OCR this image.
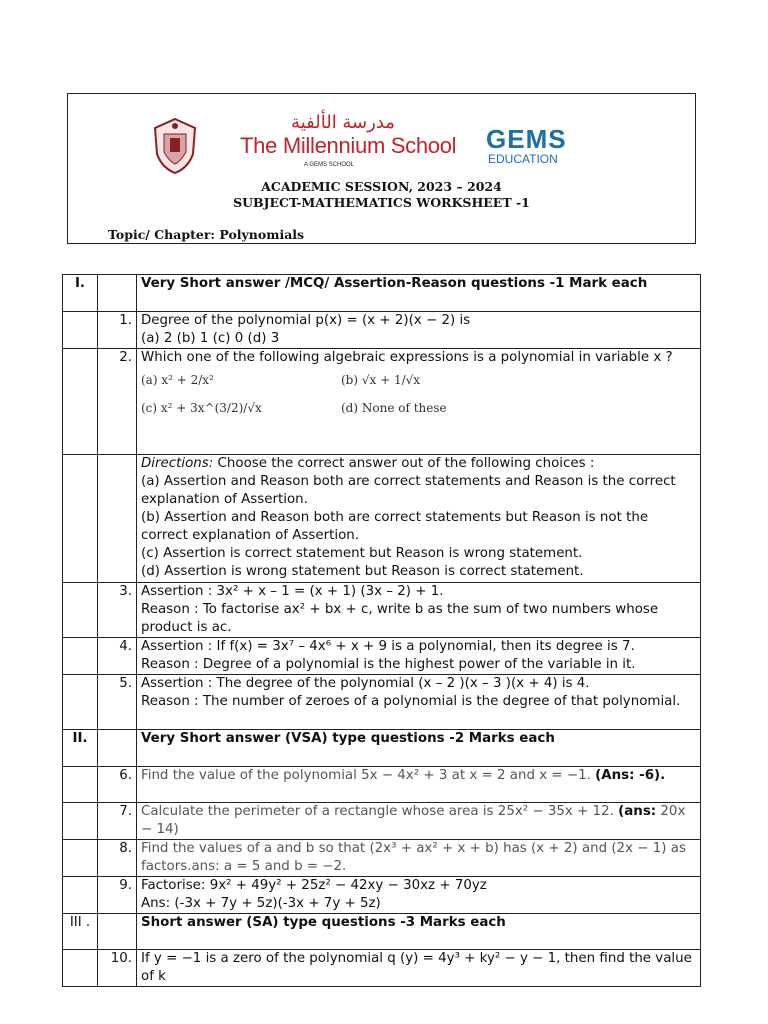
مدرسة الألفية
The Millennium School
A GEMS SCHOOL
GEMS
EDUCATION
ACADEMIC SESSION, 2023 – 2024
SUBJECT-MATHEMATICS WORKSHEET -1
Topic/ Chapter: Polynomials
I.		Very Short answer /MCQ/ Assertion-Reason questions -1 Mark each
	1.	Degree of the polynomial p(x) = (x + 2)(x − 2) is
(a) 2 (b) 1 (c) 0 (d) 3

	2.	Which one of the following algebraic expressions is a polynomial in variable x ?
(a) x² + 2/x² (b) √x + 1/√x
(c) x² + 3x^(3/2)/√x (d) None of these

		Directions: Choose the correct answer out of the following choices :
(a) Assertion and Reason both are correct statements and Reason is the correct explanation of Assertion.
(b) Assertion and Reason both are correct statements but Reason is not the correct explanation of Assertion.
(c) Assertion is correct statement but Reason is wrong statement.
(d) Assertion is wrong statement but Reason is correct statement.

	3.	Assertion : 3x² + x – 1 = (x + 1) (3x – 2) + 1.
Reason : To factorise ax² + bx + c, write b as the sum of two numbers whose product is ac.

	4.	Assertion : If f(x) = 3x⁷ – 4x⁶ + x + 9 is a polynomial, then its degree is 7.
Reason : Degree of a polynomial is the highest power of the variable in it.

	5.	Assertion : The degree of the polynomial (x – 2 )(x – 3 )(x + 4) is 4.
Reason : The number of zeroes of a polynomial is the degree of that polynomial.

II.		Very Short answer (VSA) type questions -2 Marks each
	6.	Find the value of the polynomial 5x − 4x² + 3 at x = 2 and x = −1. (Ans: -6).
	7.	Calculate the perimeter of a rectangle whose area is 25x² − 35x + 12. (ans: 20x − 14)
	8.	Find the values of a and b so that (2x³ + ax² + x + b) has (x + 2) and (2x − 1) as factors.ans: a = 5 and b = −2.
	9.	Factorise: 9x² + 49y² + 25z² − 42xy − 30xz + 70yz
Ans: (-3x + 7y + 5z)(-3x + 7y + 5z)

III .		Short answer (SA) type questions -3 Marks each
	10.	If y = −1 is a zero of the polynomial q (y) = 4y³ + ky² − y − 1, then find the value of k
